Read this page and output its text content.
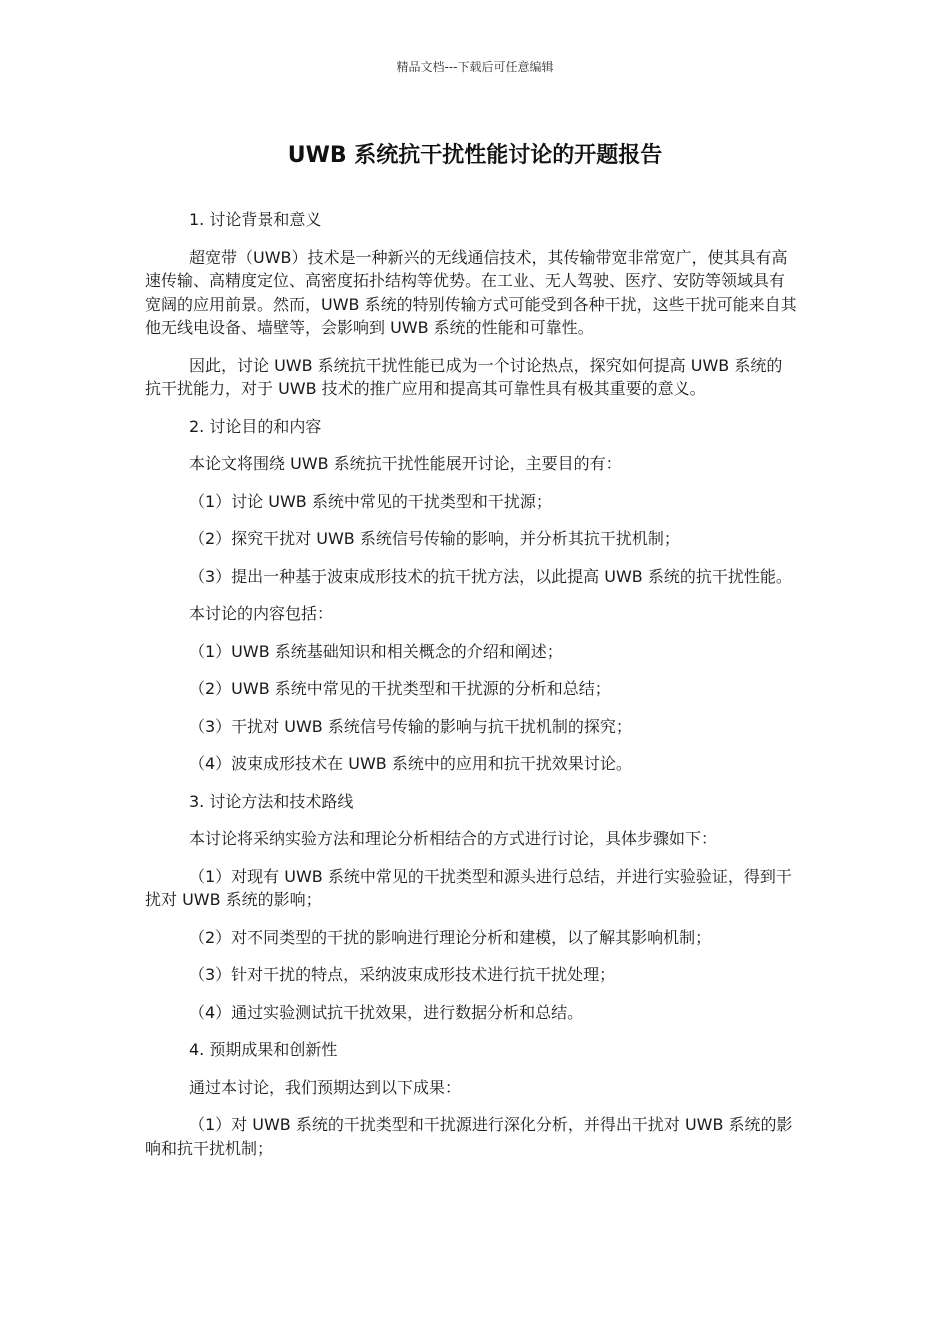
精品文档---下载后可任意编辑
UWB 系统抗干扰性能讨论的开题报告

1. 讨论背景和意义

超宽带（UWB）技术是一种新兴的无线通信技术，其传输带宽非常宽广，使其具有高速传输、高精度定位、高密度拓扑结构等优势。在工业、无人驾驶、医疗、安防等领域具有宽阔的应用前景。然而，UWB 系统的特别传输方式可能受到各种干扰，这些干扰可能来自其他无线电设备、墙壁等，会影响到 UWB 系统的性能和可靠性。

因此，讨论 UWB 系统抗干扰性能已成为一个讨论热点，探究如何提高 UWB 系统的抗干扰能力，对于 UWB 技术的推广应用和提高其可靠性具有极其重要的意义。

2. 讨论目的和内容

本论文将围绕 UWB 系统抗干扰性能展开讨论，主要目的有：

（1）讨论 UWB 系统中常见的干扰类型和干扰源；

（2）探究干扰对 UWB 系统信号传输的影响，并分析其抗干扰机制；

（3）提出一种基于波束成形技术的抗干扰方法，以此提高 UWB 系统的抗干扰性能。

本讨论的内容包括：

（1）UWB 系统基础知识和相关概念的介绍和阐述；

（2）UWB 系统中常见的干扰类型和干扰源的分析和总结；

（3）干扰对 UWB 系统信号传输的影响与抗干扰机制的探究；

（4）波束成形技术在 UWB 系统中的应用和抗干扰效果讨论。

3. 讨论方法和技术路线

本讨论将采纳实验方法和理论分析相结合的方式进行讨论，具体步骤如下：

（1）对现有 UWB 系统中常见的干扰类型和源头进行总结，并进行实验验证，得到干扰对 UWB 系统的影响；

（2）对不同类型的干扰的影响进行理论分析和建模，以了解其影响机制；

（3）针对干扰的特点，采纳波束成形技术进行抗干扰处理；

（4）通过实验测试抗干扰效果，进行数据分析和总结。

4. 预期成果和创新性

通过本讨论，我们预期达到以下成果：

（1）对 UWB 系统的干扰类型和干扰源进行深化分析，并得出干扰对 UWB 系统的影响和抗干扰机制；
